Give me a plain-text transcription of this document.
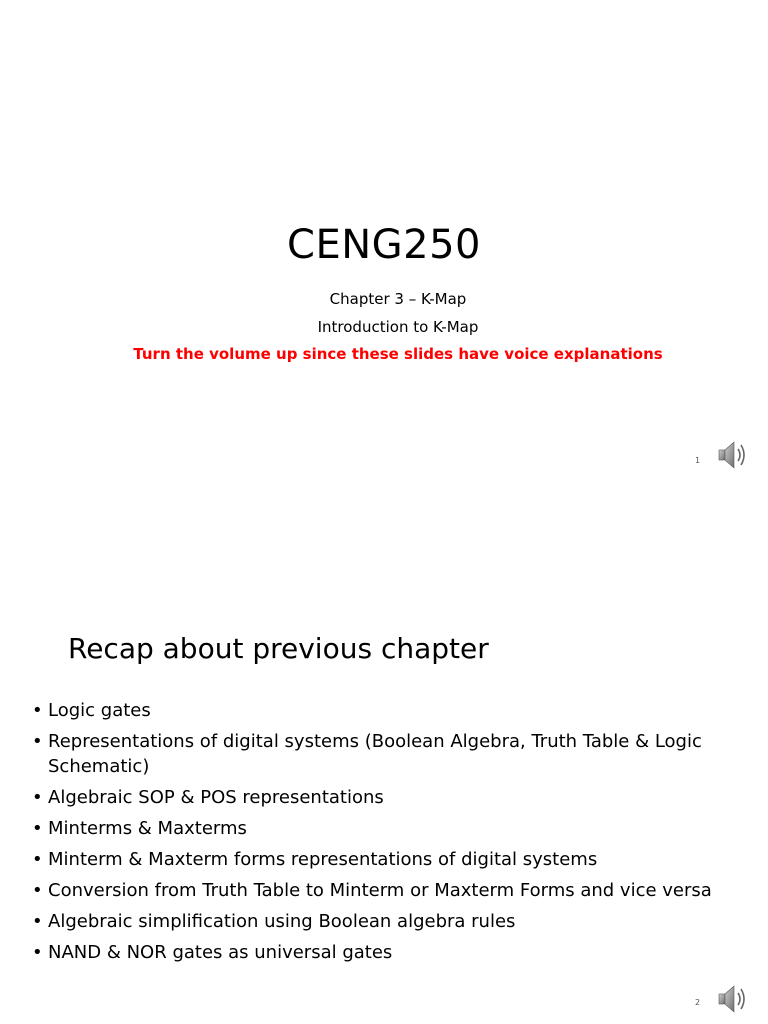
CENG250
Chapter 3 – K-Map
Introduction to K-Map
Turn the volume up since these slides have voice explanations
1
Recap about previous chapter
• Logic gates
• Representations of digital systems (Boolean Algebra, Truth Table & Logic Schematic)
• Algebraic SOP & POS representations
• Minterms & Maxterms
• Minterm & Maxterm forms representations of digital systems
• Conversion from Truth Table to Minterm or Maxterm Forms and vice versa
• Algebraic simplification using Boolean algebra rules
• NAND & NOR gates as universal gates
2
